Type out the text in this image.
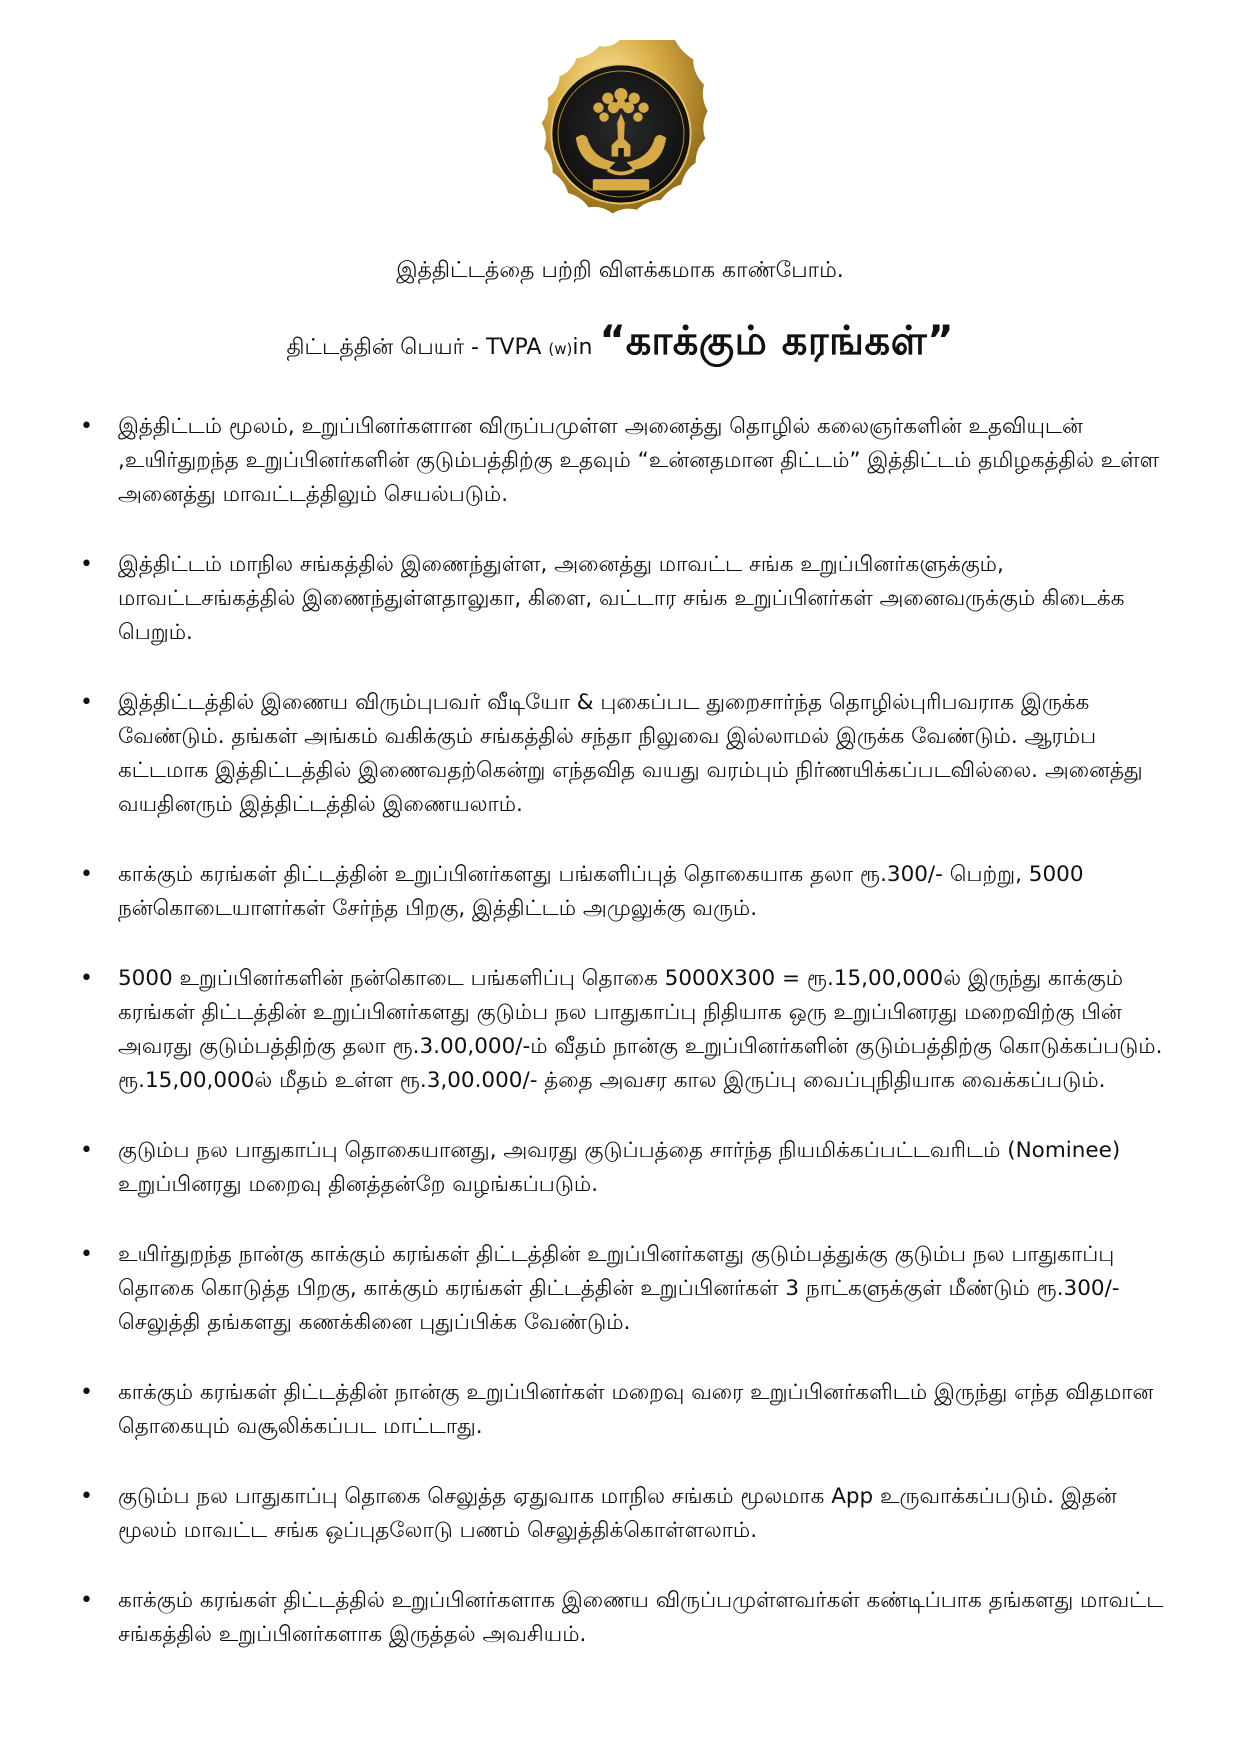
இத்திட்டத்தை பற்றி விளக்கமாக காண்போம்.
திட்டத்தின் பெயர் - TVPA (w)in “காக்கும் கரங்கள்”
• இத்திட்டம் மூலம், உறுப்பினர்களான விருப்பமுள்ள அனைத்து தொழில் கலைஞர்களின் உதவியுடன் ,உயிர்துறந்த உறுப்பினர்களின் குடும்பத்திற்கு உதவும் “உன்னதமான திட்டம்” இத்திட்டம் தமிழகத்தில் உள்ள அனைத்து மாவட்டத்திலும் செயல்படும்.
• இத்திட்டம் மாநில சங்கத்தில் இணைந்துள்ள, அனைத்து மாவட்ட சங்க உறுப்பினர்களுக்கும், மாவட்டசங்கத்தில் இணைந்துள்ளதாலுகா, கிளை, வட்டார சங்க உறுப்பினர்கள் அனைவருக்கும் கிடைக்க பெறும்.
• இத்திட்டத்தில் இணைய விரும்புபவர் வீடியோ & புகைப்பட துறைசார்ந்த தொழில்புரிபவராக இருக்க வேண்டும். தங்கள் அங்கம் வகிக்கும் சங்கத்தில் சந்தா நிலுவை இல்லாமல் இருக்க வேண்டும். ஆரம்ப கட்டமாக இத்திட்டத்தில் இணைவதற்கென்று எந்தவித வயது வரம்பும் நிர்ணயிக்கப்படவில்லை. அனைத்து வயதினரும் இத்திட்டத்தில் இணையலாம்.
• காக்கும் கரங்கள் திட்டத்தின் உறுப்பினர்களது பங்களிப்புத் தொகையாக தலா ரூ.300/- பெற்று, 5000 நன்கொடையாளர்கள் சேர்ந்த பிறகு, இத்திட்டம் அமுலுக்கு வரும்.
• 5000 உறுப்பினர்களின் நன்கொடை பங்களிப்பு தொகை 5000X300 = ரூ.15,00,000ல் இருந்து காக்கும் கரங்கள் திட்டத்தின் உறுப்பினர்களது குடும்ப நல பாதுகாப்பு நிதியாக ஒரு உறுப்பினரது மறைவிற்கு பின் அவரது குடும்பத்திற்கு தலா ரூ.3.00,000/-ம் வீதம் நான்கு உறுப்பினர்களின் குடும்பத்திற்கு கொடுக்கப்படும். ரூ.15,00,000ல் மீதம் உள்ள ரூ.3,00.000/- த்தை அவசர கால இருப்பு வைப்புநிதியாக வைக்கப்படும்.
• குடும்ப நல பாதுகாப்பு தொகையானது, அவரது குடுப்பத்தை சார்ந்த நியமிக்கப்பட்டவரிடம் (Nominee) உறுப்பினரது மறைவு தினத்தன்றே வழங்கப்படும்.
• உயிர்துறந்த நான்கு காக்கும் கரங்கள் திட்டத்தின் உறுப்பினர்களது குடும்பத்துக்கு குடும்ப நல பாதுகாப்பு தொகை கொடுத்த பிறகு, காக்கும் கரங்கள் திட்டத்தின் உறுப்பினர்கள் 3 நாட்களுக்குள் மீண்டும் ரூ.300/- செலுத்தி தங்களது கணக்கினை புதுப்பிக்க வேண்டும்.
• காக்கும் கரங்கள் திட்டத்தின் நான்கு உறுப்பினர்கள் மறைவு வரை உறுப்பினர்களிடம் இருந்து எந்த விதமான தொகையும் வசூலிக்கப்பட மாட்டாது.
• குடும்ப நல பாதுகாப்பு தொகை செலுத்த ஏதுவாக மாநில சங்கம் மூலமாக App உருவாக்கப்படும். இதன் மூலம் மாவட்ட சங்க ஒப்புதலோடு பணம் செலுத்திக்கொள்ளலாம்.
• காக்கும் கரங்கள் திட்டத்தில் உறுப்பினர்களாக இணைய விருப்பமுள்ளவர்கள் கண்டிப்பாக தங்களது மாவட்ட சங்கத்தில் உறுப்பினர்களாக இருத்தல் அவசியம்.
